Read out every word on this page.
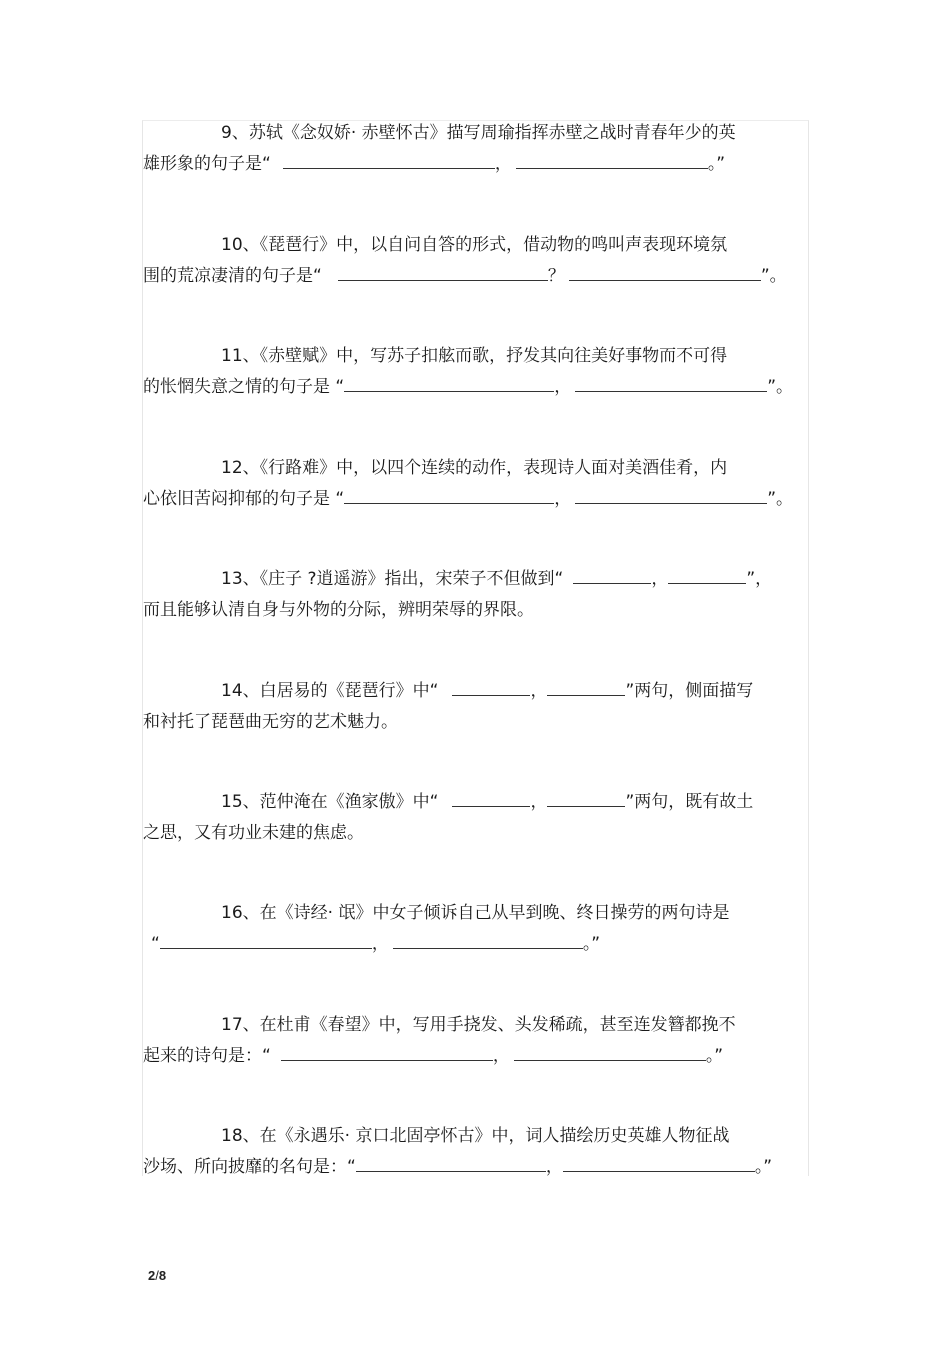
9、苏轼《念奴娇· 赤壁怀古》描写周瑜指挥赤壁之战时青春年少的英
雄形象的句子是“	，	。”
10、《琵琶行》中，以自问自答的形式，借动物的鸣叫声表现环境氛
围的荒凉凄清的句子是“	？	”。
11、《赤壁赋》中，写苏子扣舷而歌，抒发其向往美好事物而不可得
的怅惘失意之情的句子是 “	，	”。
12、《行路难》中，以四个连续的动作，表现诗人面对美酒佳肴，内
心依旧苦闷抑郁的句子是 “	，	”。
13、《庄子 ?逍遥游》指出，宋荣子不但做到“	，	”，
而且能够认清自身与外物的分际，辨明荣辱的界限。
14、白居易的《琵琶行》中“	，	”两句，侧面描写
和衬托了琵琶曲无穷的艺术魅力。
15、范仲淹在《渔家傲》中“	，	”两句，既有故土
之思，又有功业未建的焦虑。
16、在《诗经· 氓》中女子倾诉自己从早到晚、终日操劳的两句诗是
“	，	。”
17、在杜甫《春望》中，写用手挠发、头发稀疏，甚至连发簪都挽不
起来的诗句是：“	，	。”
18、在《永遇乐· 京口北固亭怀古》中，词人描绘历史英雄人物征战
沙场、所向披靡的名句是：“	，	。”
2/8
